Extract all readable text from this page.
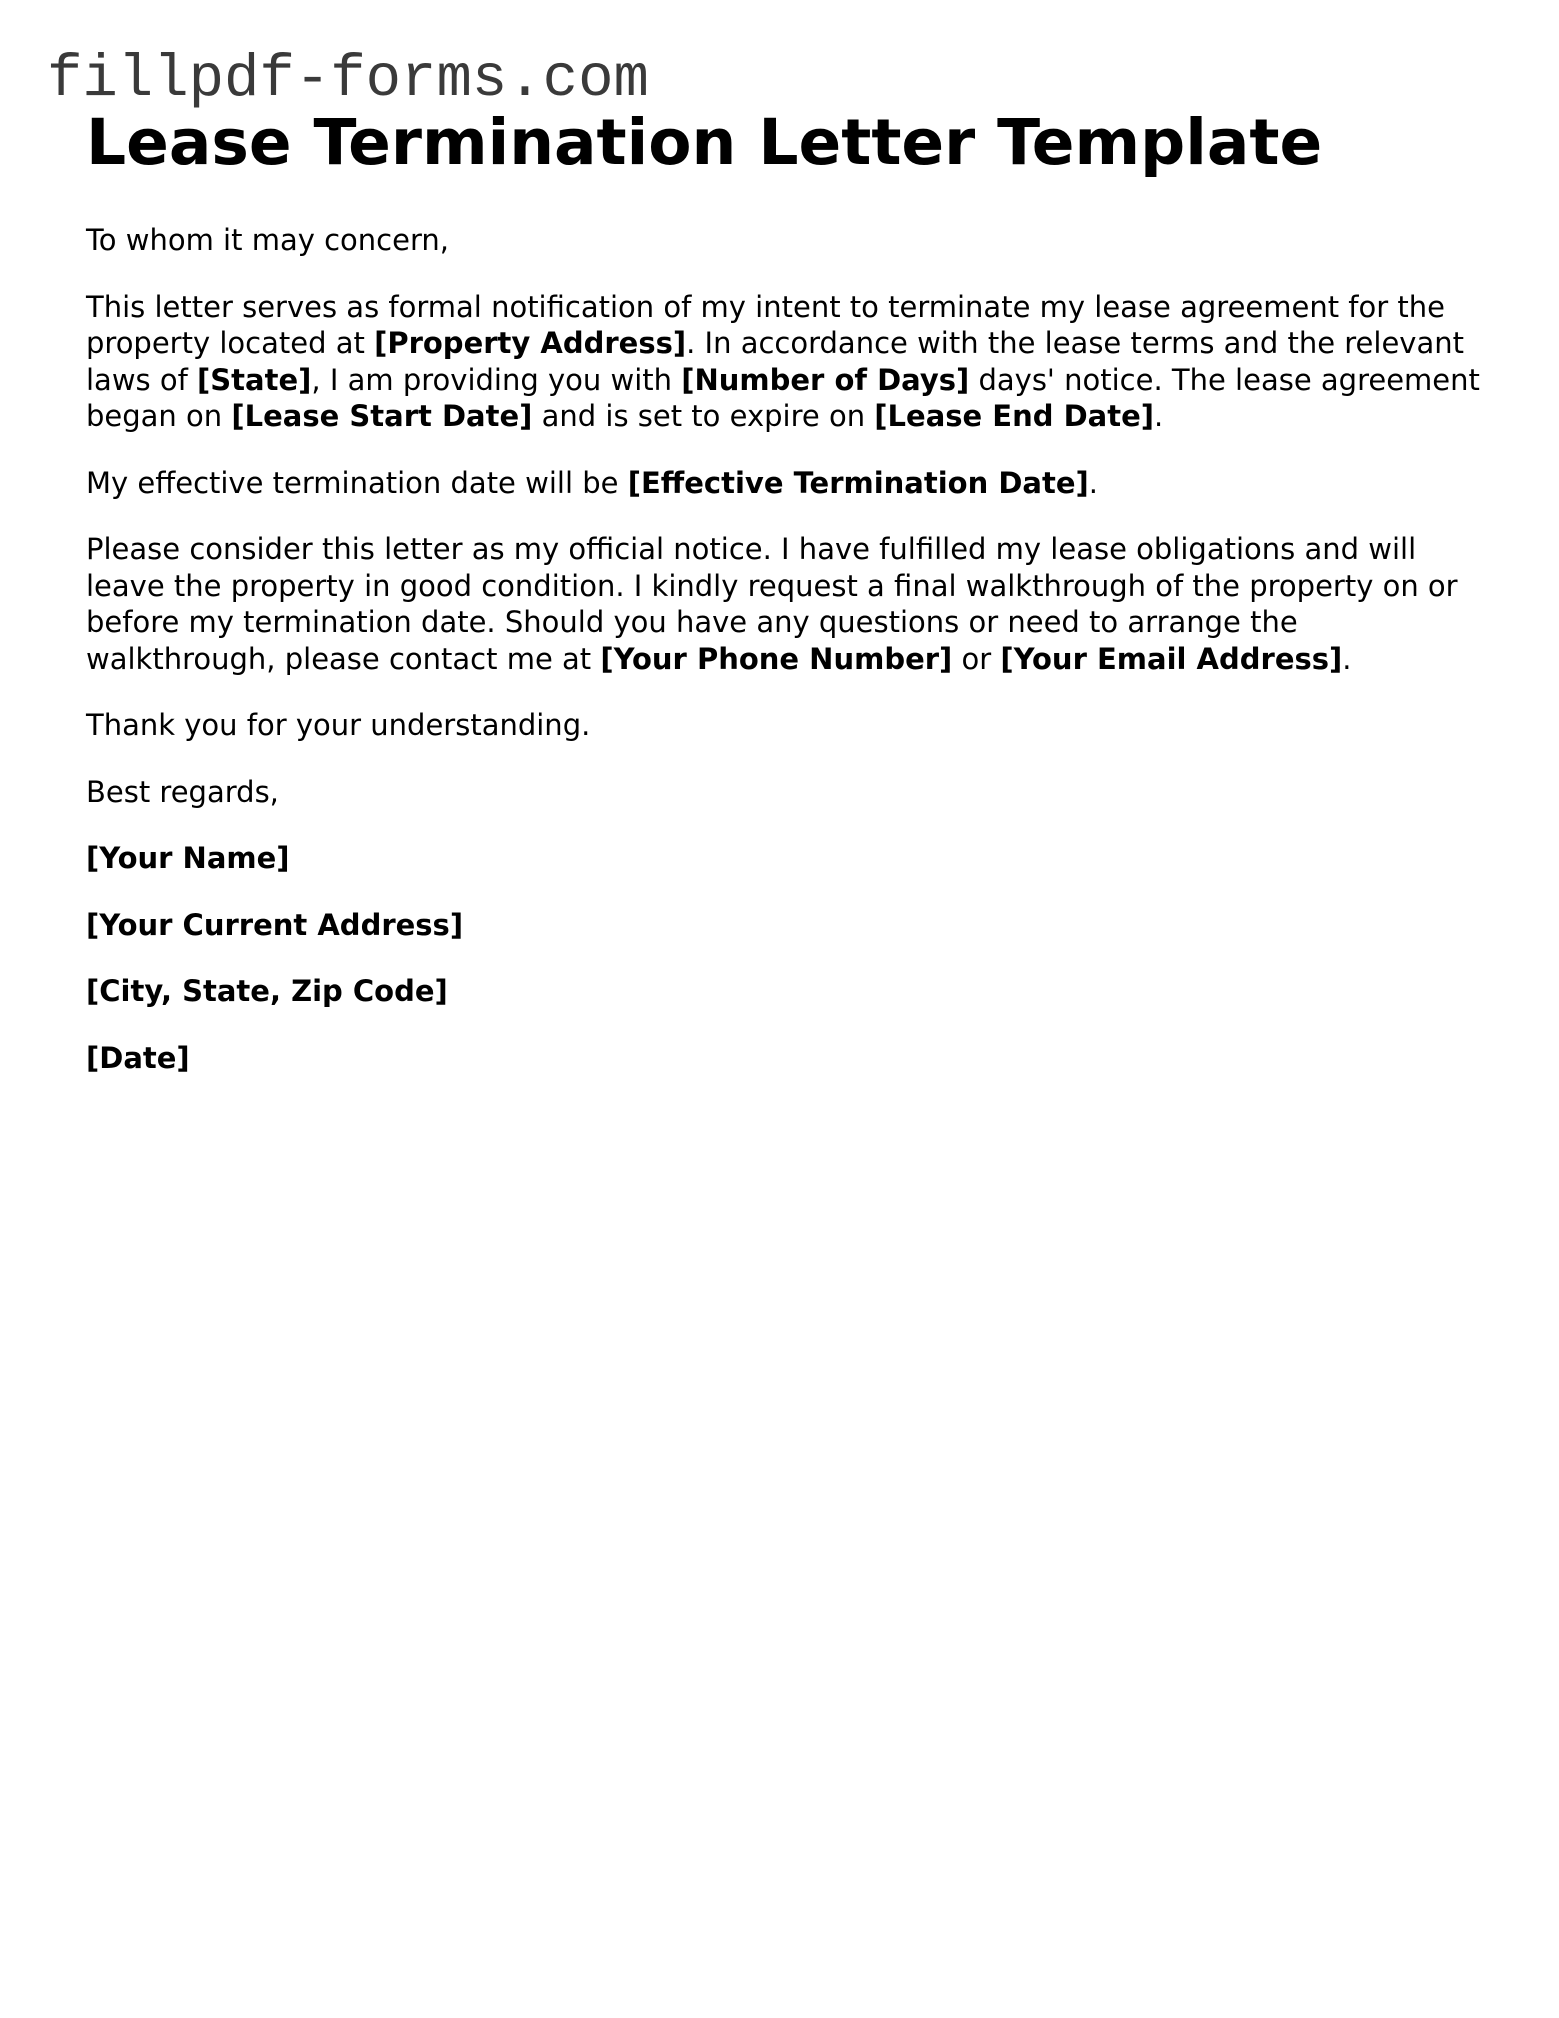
fillpdf-forms.com
Lease Termination Letter Template

To whom it may concern,

This letter serves as formal notification of my intent to terminate my lease agreement for the property located at [Property Address]. In accordance with the lease terms and the relevant laws of [State], I am providing you with [Number of Days] days' notice. The lease agreement began on [Lease Start Date] and is set to expire on [Lease End Date].

My effective termination date will be [Effective Termination Date].

Please consider this letter as my official notice. I have fulfilled my lease obligations and will leave the property in good condition. I kindly request a final walkthrough of the property on or before my termination date. Should you have any questions or need to arrange the walkthrough, please contact me at [Your Phone Number] or [Your Email Address].

Thank you for your understanding.

Best regards,

[Your Name]

[Your Current Address]

[City, State, Zip Code]

[Date]
